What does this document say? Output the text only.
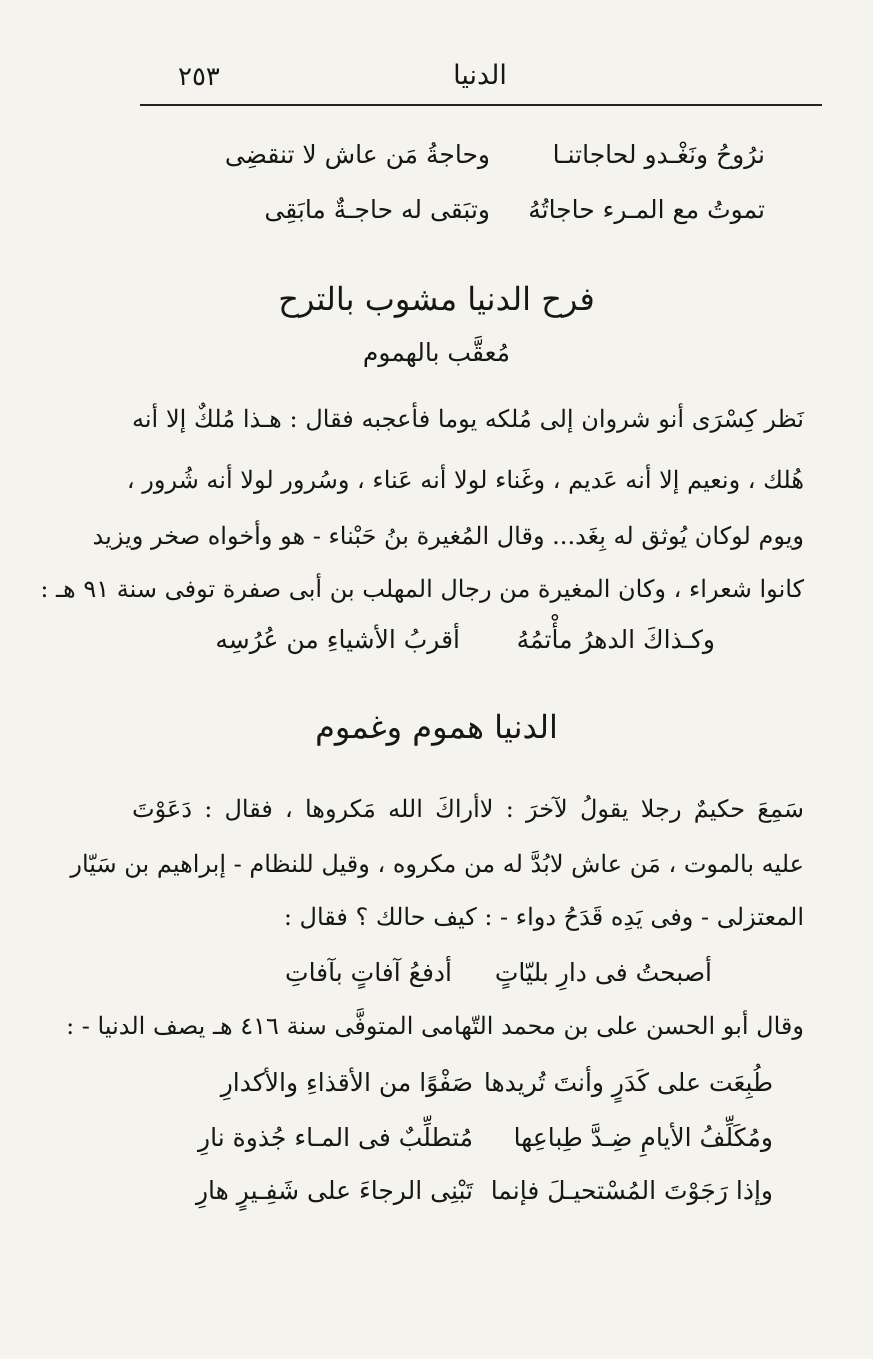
٢٥٣	الدنيا
نرُوحُ ونَغْـدو لحاجاتنـا
وحاجةُ مَن عاش لا تنقضِى
تموتُ مع المـرء حاجاتُهُ
وتبَقى له حاجـةٌ مابَقِى
فرح الدنيا مشوب بالترح
مُعقَّب بالهموم
نَظر كِسْرَى أنو شروان إلى مُلكه يوما فأعجبه فقال : هـذا مُلكٌ إلا أنه
هُلك ، ونعيم إلا أنه عَديم ، وغَناء لولا أنه عَناء ، وسُرور لولا أنه شُرور ،
ويوم لوكان يُوثق له بِغَد... وقال المُغيرة بنُ حَبْناء - هو وأخواه صخر ويزيد
كانوا شعراء ، وكان المغيرة من رجال المهلب بن أبى صفرة توفى سنة ٩١ هـ :
وكـذاكَ الدهرُ مأْتمُهُ
أقربُ الأشياءِ من عُرُسِه
الدنيا هموم وغموم
سَمِعَ حكيمٌ رجلا يقولُ لآخرَ : لاأراكَ الله مَكروها ، فقال : دَعَوْتَ
عليه بالموت ، مَن عاش لابُدَّ له من مكروه ، وقيل للنظام - إبراهيم بن سَيّار
المعتزلى - وفى يَدِه قَدَحُ دواء - : كيف حالك ؟ فقال :
أصبحتُ فى دارِ بليّاتٍ
أدفعُ آفاتٍ بآفاتِ
وقال أبو الحسن على بن محمد التّهامى المتوفَّى سنة ٤١٦ هـ يصف الدنيا - :
طُبِعَت على كَدَرٍ وأنتَ تُريدها
صَفْوًا من الأقذاءِ والأكدارِ
ومُكَلِّفُ الأيامِ ضِـدَّ طِباعِها
مُتطلِّبٌ فى المـاء جُذوة نارِ
وإذا رَجَوْتَ المُسْتحيـلَ فإنما
تَبْنِى الرجاءَ على شَفِـيرٍ هارِ
